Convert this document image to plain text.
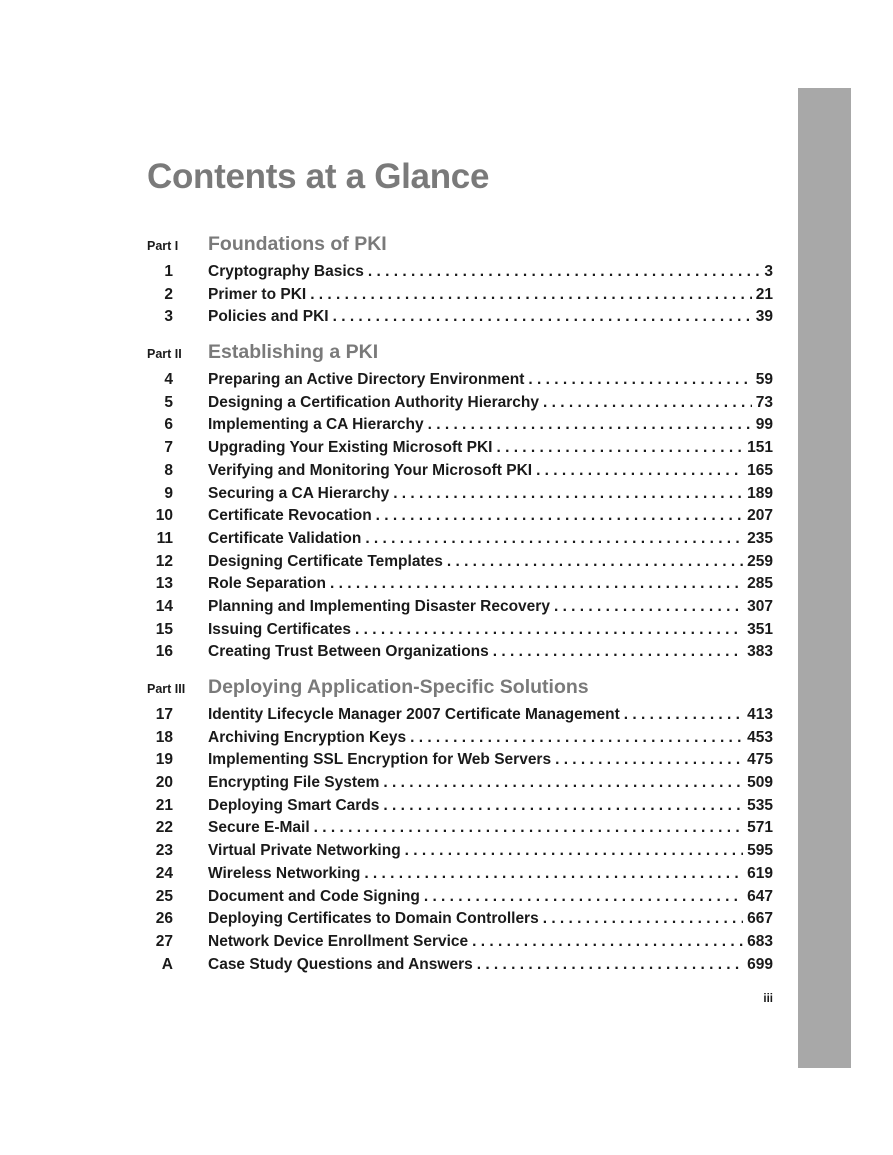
Contents at a Glance
Part I	Foundations of PKI
1 Cryptography Basics .....	3
2 Primer to PKI .....	21
3 Policies and PKI .....	39
Part II	Establishing a PKI
4 Preparing an Active Directory Environment .....	59
5 Designing a Certification Authority Hierarchy .....	73
6 Implementing a CA Hierarchy .....	99
7 Upgrading Your Existing Microsoft PKI .....	151
8 Verifying and Monitoring Your Microsoft PKI .....	165
9 Securing a CA Hierarchy .....	189
10 Certificate Revocation .....	207
11 Certificate Validation .....	235
12 Designing Certificate Templates .....	259
13 Role Separation .....	285
14 Planning and Implementing Disaster Recovery .....	307
15 Issuing Certificates .....	351
16 Creating Trust Between Organizations .....	383
Part III	Deploying Application-Specific Solutions
17 Identity Lifecycle Manager 2007 Certificate Management .....	413
18 Archiving Encryption Keys .....	453
19 Implementing SSL Encryption for Web Servers .....	475
20 Encrypting File System .....	509
21 Deploying Smart Cards .....	535
22 Secure E-Mail .....	571
23 Virtual Private Networking .....	595
24 Wireless Networking .....	619
25 Document and Code Signing .....	647
26 Deploying Certificates to Domain Controllers .....	667
27 Network Device Enrollment Service .....	683
A Case Study Questions and Answers .....	699
iii
